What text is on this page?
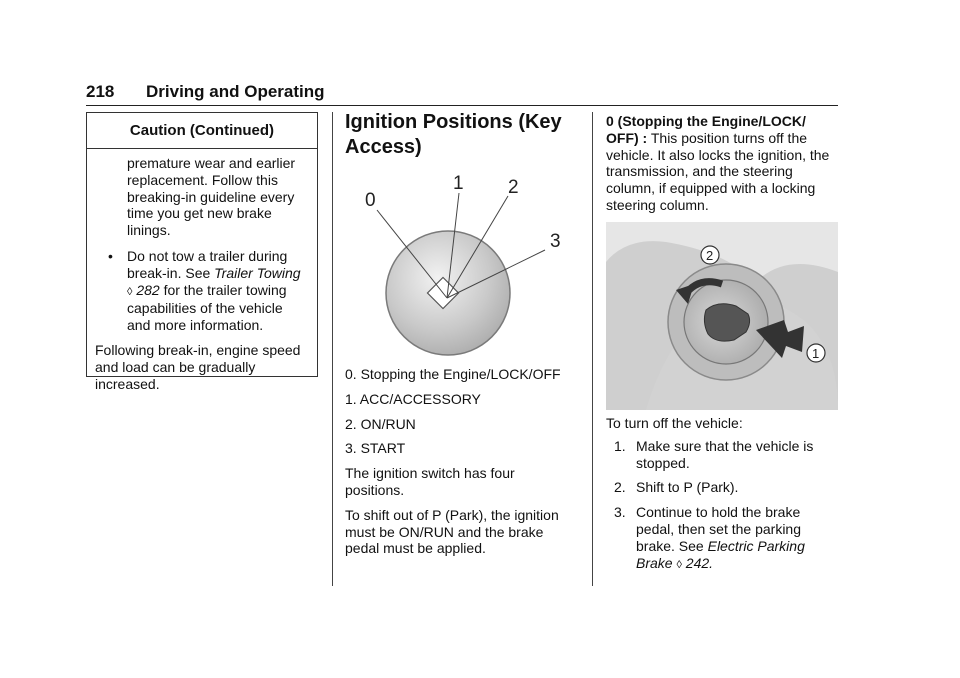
218 Driving and Operating
Caution (Continued)
premature wear and earlier replacement. Follow this breaking-in guideline every time you get new brake linings.
• Do not tow a trailer during break-in. See Trailer Towing
◊ 282 for the trailer towing capabilities of the vehicle and more information.
Following break-in, engine speed and load can be gradually increased.
Ignition Positions (Key Access)
0
1 2
3

0. Stopping the Engine/LOCK/OFF

1. ACC/ACCESSORY

2. ON/RUN

3. START

The ignition switch has four positions.

To shift out of P (Park), the ignition must be ON/RUN and the brake pedal must be applied.

0 (Stopping the Engine/LOCK/ OFF) : This position turns off the vehicle. It also locks the ignition, the transmission, and the steering column, if equipped with a locking steering column.
2
1
To turn off the vehicle:
1. Make sure that the vehicle is stopped.
2. Shift to P (Park).
3. Continue to hold the brake pedal, then set the parking brake. See Electric Parking Brake ◊ 242.
